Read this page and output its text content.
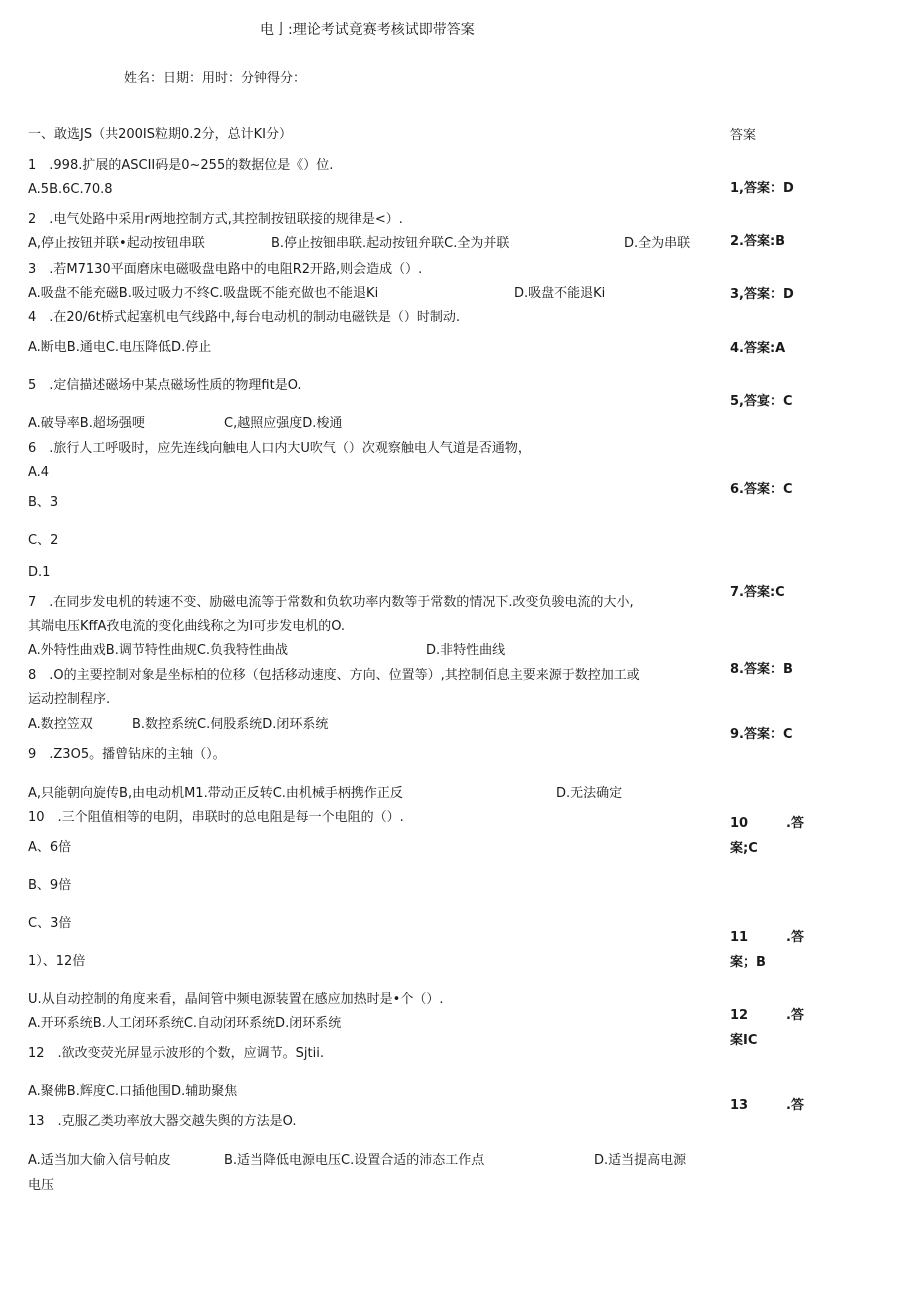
电亅:理论考试竟赛考核试即带答案
姓名：日期：用时：分钟得分：
一、敢选JS（共200IS粒期0.2分，总计KI分）	答案
1　.998.扩展的ASCII码是0~255的数据位是《）位.
A.5B.6C.70.8
2　.电气处路中采用r两地控制方式,其控制按钮联接的规律是<）.
A,停止按钮并联•起动按钮串联	B.停止按钿串联.起动按钮弁联C.全为并联	D.全为串联
3　.若M7130平面磨床电磁吸盘电路中的电阻R2开路,则会造成（）.
A.吸盘不能充磁B.吸过吸力不终C.吸盘既不能充做也不能退Ki	D.吸盘不能退Ki
4　.在20/6t桥式起塞机电气线路中,每台电动机的制动电磁铁是（）时制动.
A.断电B.通电C.电压降低D.停止
5　.定信描述磁场中某点磁场性质的物理fit是O.
A.破导率B.超场强哽	C,越照应强度D.梭通
6　.旅行人工呼吸时，应先连线向触电人口内大U吹气（）次观察触电人气道是否通物，
A.4
B、3
C、2
D.1
7　.在同步发电机的转速不变、励磁电流等于常数和负软功率内数等于常数的情况下.改变负骏电流的大小,
其端电压KffA孜电流的变化曲线称之为I可步发电机的O.
A.外特性曲戏B.调节特性曲规C.负我特性曲战	D.非特性曲线
8　.O的主要控制对象是坐标柏的位移（包括移动速度、方向、位置等）,其控制佰息主要来源于数控加工或
运动控制程序.
A.数控笠双	B.数控系统C.伺股系统D.闭环系统
9　.Z3O5。播曾钻床的主轴（）。
A,只能朝向旋传B,由电动机M1.带动正反转C.由机械手柄携作正反	D.无法确定
10　.三个阻值相等的电阴，串联时的总电阻是每一个电阻的（）.
A、6倍
B、9倍
C、3倍
1）、12倍
U.从自动控制的角度来看，晶间管中频电源装置在感应加热时是•个（）.
A.开环系统B.人工闭环系统C.自动闭环系统D.闭环系统
12　.欲改变荧光屏显示波形的个数，应调节。Sjtii.
A.聚佛B.辉度C.口插他围D.辅助聚焦
13　.克服乙类功率放大器交越失舆的方法是O.
A.适当加大偷入信号帕皮	B.适当降低电源电压C.设置合适的沛态工作点	D.适当提高电源
电压
1,答案：D
2.答案:B
3,答案：D
4.答案:A
5,答宴：C
6.答案：C
7.答案:C
8.答案：B
9.答案：C
10	.答
案;C
11	.答
案；B
12	.答
案IC
13	.答
